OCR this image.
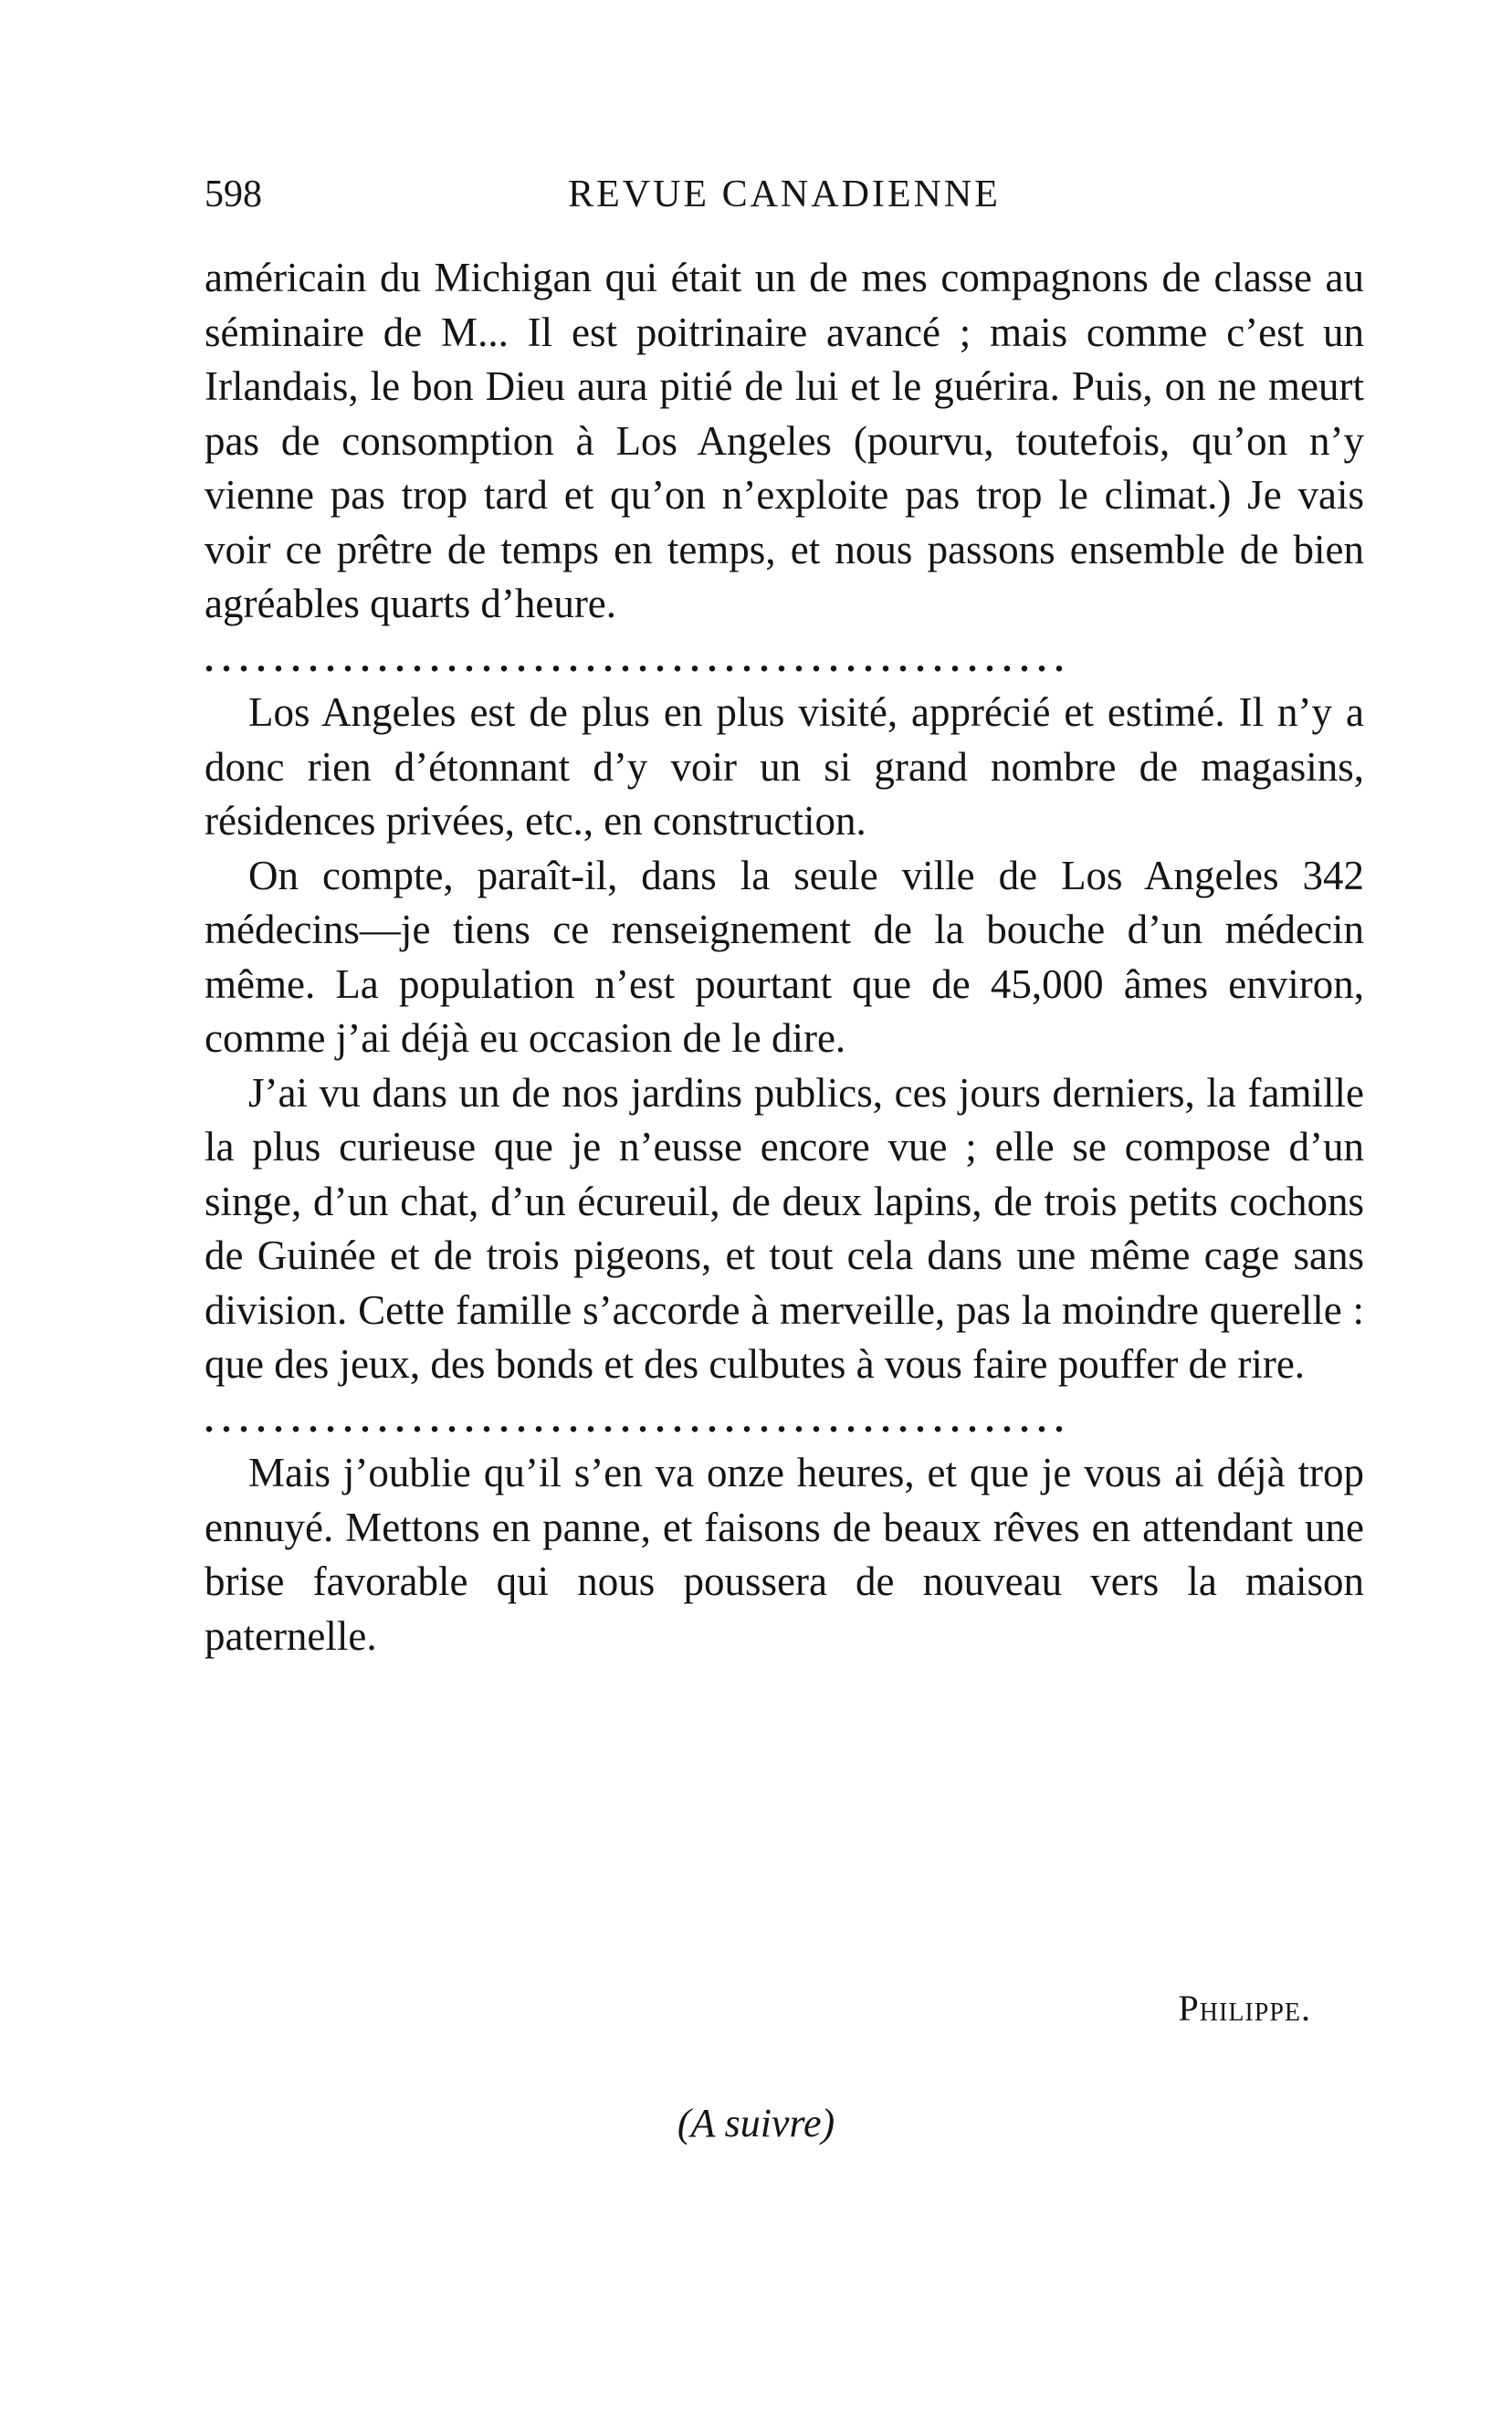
598	REVUE CANADIENNE

américain du Michigan qui était un de mes compagnons de classe au séminaire de M... Il est poitrinaire avancé ; mais comme c’est un Irlandais, le bon Dieu aura pitié de lui et le guérira. Puis, on ne meurt pas de consomption à Los Angeles (pourvu, toutefois, qu’on n’y vienne pas trop tard et qu’on n’exploite pas trop le climat.) Je vais voir ce prêtre de temps en temps, et nous passons ensemble de bien agréables quarts d’heure.

..................................................

Los Angeles est de plus en plus visité, apprécié et estimé. Il n’y a donc rien d’étonnant d’y voir un si grand nombre de magasins, résidences privées, etc., en construction.

On compte, paraît-il, dans la seule ville de Los Angeles 342 médecins—je tiens ce renseignement de la bouche d’un médecin même. La population n’est pourtant que de 45,000 âmes environ, comme j’ai déjà eu occasion de le dire.

J’ai vu dans un de nos jardins publics, ces jours derniers, la famille la plus curieuse que je n’eusse encore vue ; elle se compose d’un singe, d’un chat, d’un écureuil, de deux lapins, de trois petits cochons de Guinée et de trois pigeons, et tout cela dans une même cage sans division. Cette famille s’accorde à merveille, pas la moindre querelle : que des jeux, des bonds et des culbutes à vous faire pouffer de rire.

..................................................

Mais j’oublie qu’il s’en va onze heures, et que je vous ai déjà trop ennuyé. Mettons en panne, et faisons de beaux rêves en attendant une brise favorable qui nous poussera de nouveau vers la maison paternelle.

Philippe.
(A suivre)
